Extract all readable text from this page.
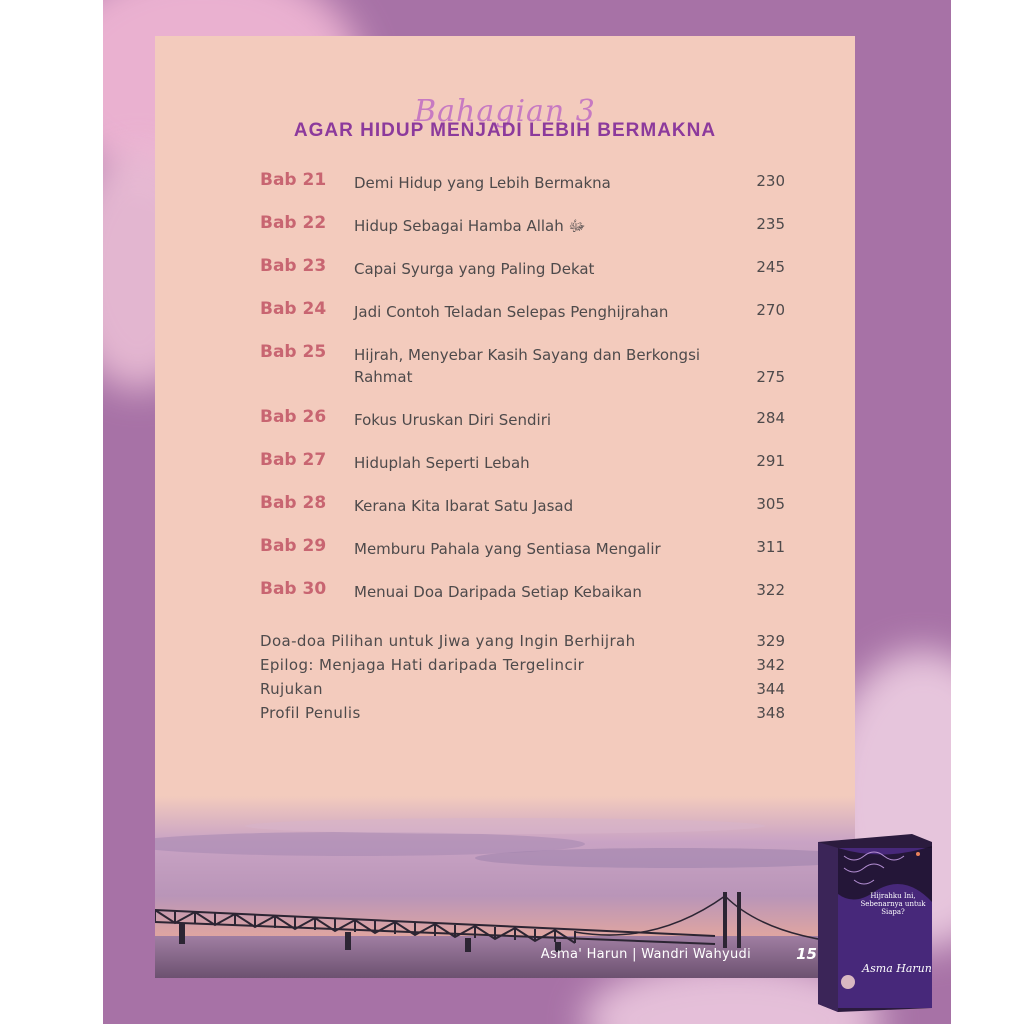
Bahagian 3
AGAR HIDUP MENJADI LEBIH BERMAKNA
Bab 21 Demi Hidup yang Lebih Bermakna	230
Bab 22 Hidup Sebagai Hamba Allah ﷻ	235
Bab 23 Capai Syurga yang Paling Dekat	245
Bab 24 Jadi Contoh Teladan Selepas Penghijrahan	270
Bab 25 Hijrah, Menyebar Kasih Sayang dan Berkongsi Rahmat	275
Bab 26 Fokus Uruskan Diri Sendiri	284
Bab 27 Hiduplah Seperti Lebah	291
Bab 28 Kerana Kita Ibarat Satu Jasad	305
Bab 29 Memburu Pahala yang Sentiasa Mengalir	311
Bab 30 Menuai Doa Daripada Setiap Kebaikan	322
Doa-doa Pilihan untuk Jiwa yang Ingin Berhijrah	329
Epilog: Menjaga Hati daripada Tergelincir	342
Rujukan	344
Profil Penulis	348
Asma' Harun | Wandri Wahyudi	15
Hijrahku Ini, Sebenarnya untuk Siapa?
Asma Harun
